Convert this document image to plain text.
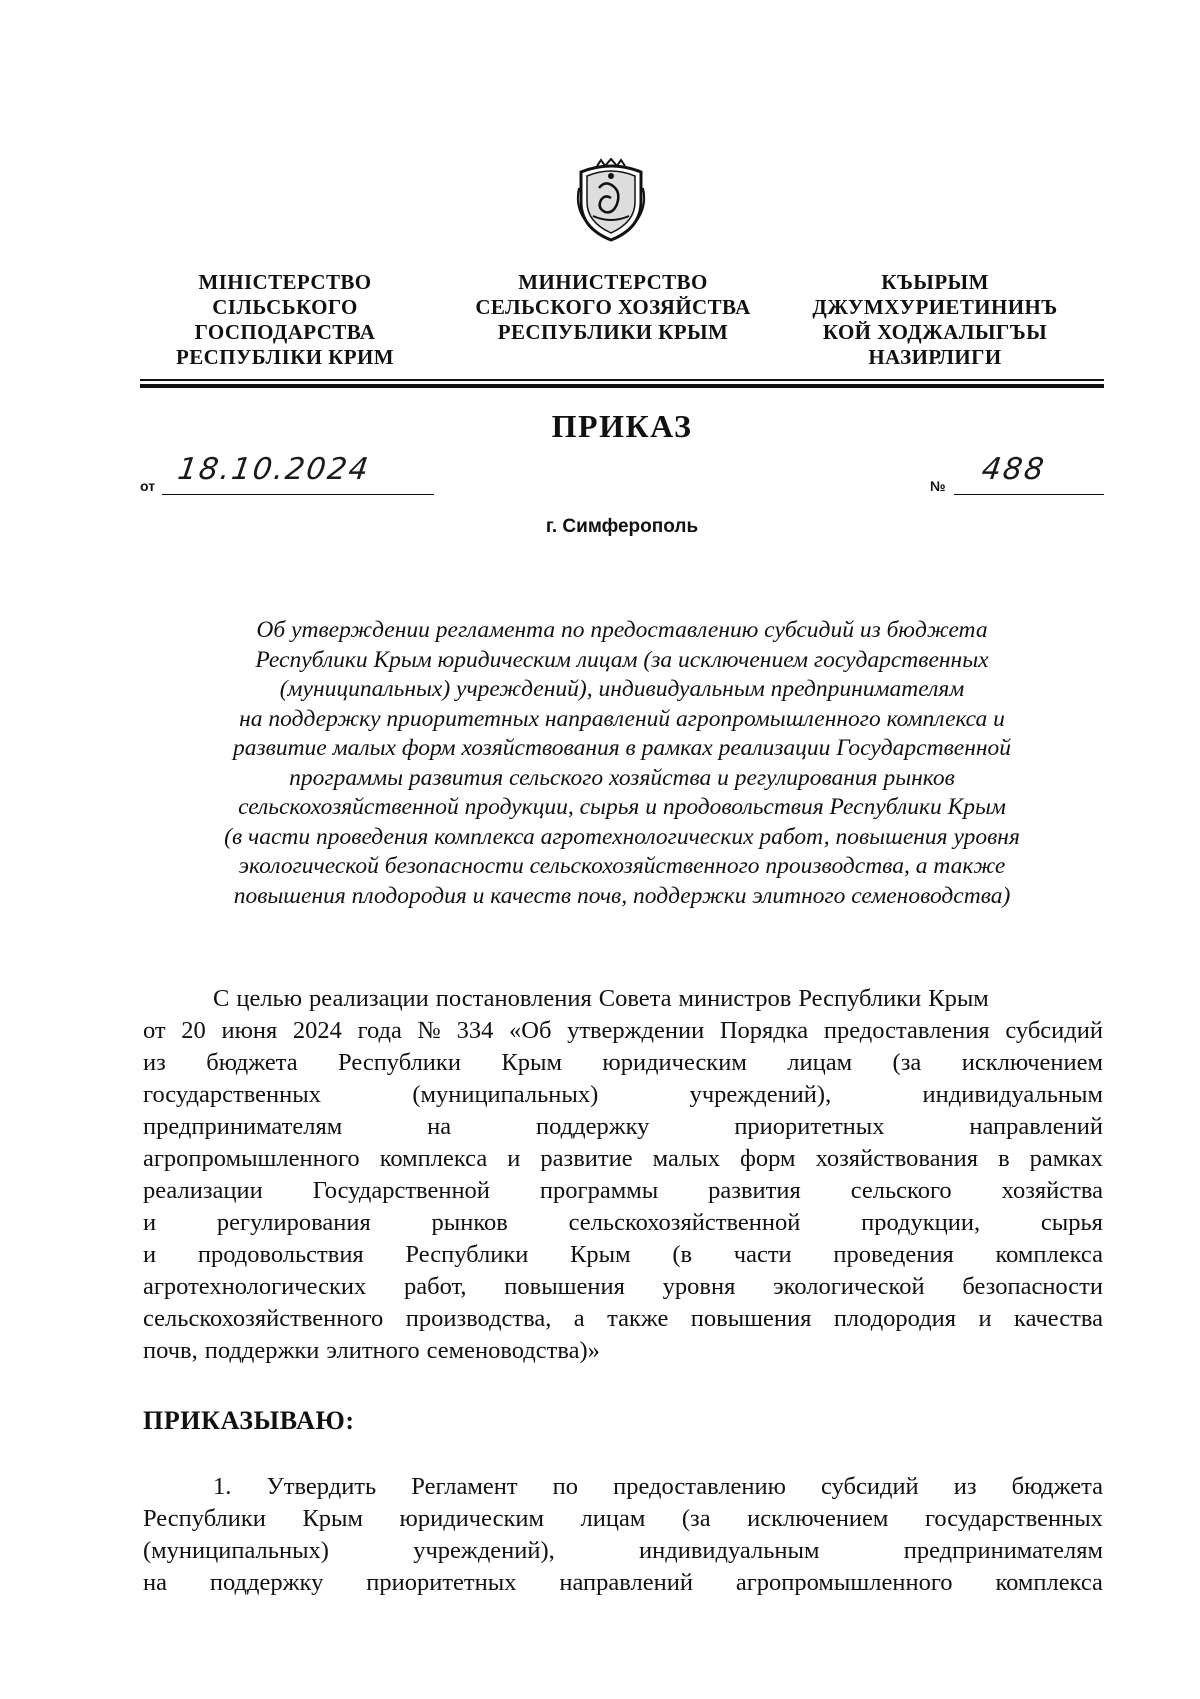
МІНІСТЕРСТВО
СІЛЬСЬКОГО
ГОСПОДАРСТВА
РЕСПУБЛІКИ КРИМ
МИНИСТЕРСТВО
СЕЛЬСКОГО ХОЗЯЙСТВА
РЕСПУБЛИКИ КРЫМ
КЪЫРЫМ
ДЖУМХУРИЕТИНИНЪ
КОЙ ХОДЖАЛЫГЪЫ
НАЗИРЛИГИ
ПРИКАЗ
от 18.10.2024	№ 488
г. Симферополь
Об утверждении регламента по предоставлению субсидий из бюджета
Республики Крым юридическим лицам (за исключением государственных
(муниципальных) учреждений), индивидуальным предпринимателям
на поддержку приоритетных направлений агропромышленного комплекса и
развитие малых форм хозяйствования в рамках реализации Государственной
программы развития сельского хозяйства и регулирования рынков
сельскохозяйственной продукции, сырья и продовольствия Республики Крым
(в части проведения комплекса агротехнологических работ, повышения уровня
экологической безопасности сельскохозяйственного производства, а также
повышения плодородия и качеств почв, поддержки элитного семеноводства)
С целью реализации постановления Совета министров Республики Крым
от 20 июня 2024 года № 334 «Об утверждении Порядка предоставления субсидий
из бюджета Республики Крым юридическим лицам (за исключением
государственных	(муниципальных)	учреждений),	индивидуальным
предпринимателям	на	поддержку	приоритетных	направлений
агропромышленного комплекса и развитие малых форм хозяйствования в рамках
реализации Государственной программы развития сельского хозяйства
и регулирования рынков сельскохозяйственной продукции, сырья
и продовольствия Республики Крым (в части проведения комплекса
агротехнологических работ, повышения уровня экологической безопасности
сельскохозяйственного производства, а также повышения плодородия и качества
почв, поддержки элитного семеноводства)»
ПРИКАЗЫВАЮ:
1. Утвердить Регламент по предоставлению субсидий из бюджета
Республики Крым юридическим лицам (за исключением государственных
(муниципальных)	учреждений),	индивидуальным	предпринимателям
на поддержку приоритетных направлений агропромышленного комплекса
